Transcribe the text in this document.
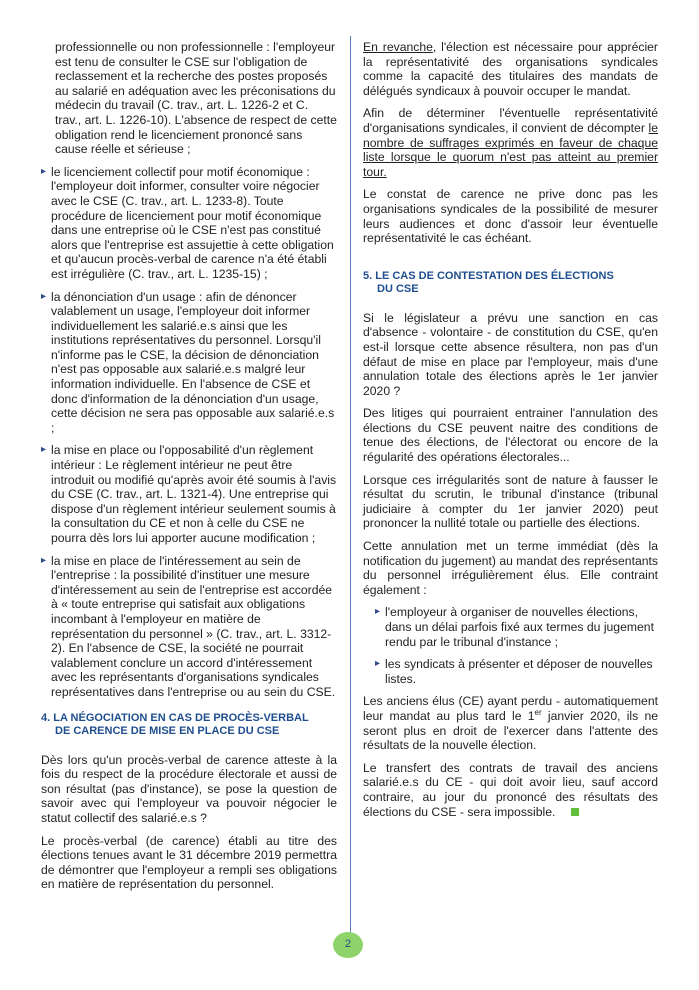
professionnelle ou non professionnelle : l'employeur est tenu de consulter le CSE sur l'obligation de reclassement et la recherche des postes proposés au salarié en adéquation avec les préconisations du médecin du travail (C. trav., art. L. 1226-2 et C. trav., art. L. 1226-10). L'absence de respect de cette obligation rend le licenciement prononcé sans cause réelle et sérieuse ;

▸ le licenciement collectif pour motif économique : l'employeur doit informer, consulter voire négocier avec le CSE (C. trav., art. L. 1233-8). Toute procédure de licenciement pour motif économique dans une entreprise où le CSE n'est pas constitué alors que l'entreprise est assujettie à cette obligation et qu'aucun procès-verbal de carence n'a été établi est irrégulière (C. trav., art. L. 1235-15) ;
▸ la dénonciation d'un usage : afin de dénoncer valablement un usage, l'employeur doit informer individuellement les salarié.e.s ainsi que les institutions représentatives du personnel. Lorsqu'il n'informe pas le CSE, la décision de dénonciation n'est pas opposable aux salarié.e.s malgré leur information individuelle. En l'absence de CSE et donc d'information de la dénonciation d'un usage, cette décision ne sera pas opposable aux salarié.e.s ;
▸ la mise en place ou l'opposabilité d'un règlement intérieur : Le règlement intérieur ne peut être introduit ou modifié qu'après avoir été soumis à l'avis du CSE (C. trav., art. L. 1321-4). Une entreprise qui dispose d'un règlement intérieur seulement soumis à la consultation du CE et non à celle du CSE ne pourra dès lors lui apporter aucune modification ;
▸ la mise en place de l'intéressement au sein de l'entreprise : la possibilité d'instituer une mesure d'intéressement au sein de l'entreprise est accordée à « toute entreprise qui satisfait aux obligations incombant à l'employeur en matière de représentation du personnel » (C. trav., art. L. 3312-2). En l'absence de CSE, la société ne pourrait valablement conclure un accord d'intéressement avec les représentants d'organisations syndicales représentatives dans l'entreprise ou au sein du CSE.
4. LA NÉGOCIATION EN CAS DE PROCÈS-VERBAL
DE CARENCE DE MISE EN PLACE DU CSE

Dès lors qu'un procès-verbal de carence atteste à la fois du respect de la procédure électorale et aussi de son résultat (pas d'instance), se pose la question de savoir avec qui l'employeur va pouvoir négocier le statut collectif des salarié.e.s ?

Le procès-verbal (de carence) établi au titre des élections tenues avant le 31 décembre 2019 permettra de démontrer que l'employeur a rempli ses obligations en matière de représentation du personnel.

En revanche, l'élection est nécessaire pour apprécier la représentativité des organisations syndicales comme la capacité des titulaires des mandats de délégués syndicaux à pouvoir occuper le mandat.

Afin de déterminer l'éventuelle représentativité d'organisations syndicales, il convient de décompter le nombre de suffrages exprimés en faveur de chaque liste lorsque le quorum n'est pas atteint au premier tour.

Le constat de carence ne prive donc pas les organisations syndicales de la possibilité de mesurer leurs audiences et donc d'assoir leur éventuelle représentativité le cas échéant.

5. LE CAS DE CONTESTATION DES ÉLECTIONS
DU CSE

Si le législateur a prévu une sanction en cas d'absence - volontaire - de constitution du CSE, qu'en est-il lorsque cette absence résultera, non pas d'un défaut de mise en place par l'employeur, mais d'une annulation totale des élections après le 1er janvier 2020 ?

Des litiges qui pourraient entrainer l'annulation des élections du CSE peuvent naitre des conditions de tenue des élections, de l'électorat ou encore de la régularité des opérations électorales...

Lorsque ces irrégularités sont de nature à fausser le résultat du scrutin, le tribunal d'instance (tribunal judiciaire à compter du 1er janvier 2020) peut prononcer la nullité totale ou partielle des élections.

Cette annulation met un terme immédiat (dès la notification du jugement) au mandat des représentants du personnel irrégulièrement élus. Elle contraint également :

▸ l'employeur à organiser de nouvelles élections, dans un délai parfois fixé aux termes du jugement rendu par le tribunal d'instance ;
▸ les syndicats à présenter et déposer de nouvelles listes.

Les anciens élus (CE) ayant perdu - automatiquement leur mandat au plus tard le 1er janvier 2020, ils ne seront plus en droit de l'exercer dans l'attente des résultats de la nouvelle élection.

Le transfert des contrats de travail des anciens salarié.e.s du CE - qui doit avoir lieu, sauf accord contraire, au jour du prononcé des résultats des élections du CSE - sera impossible.

2
